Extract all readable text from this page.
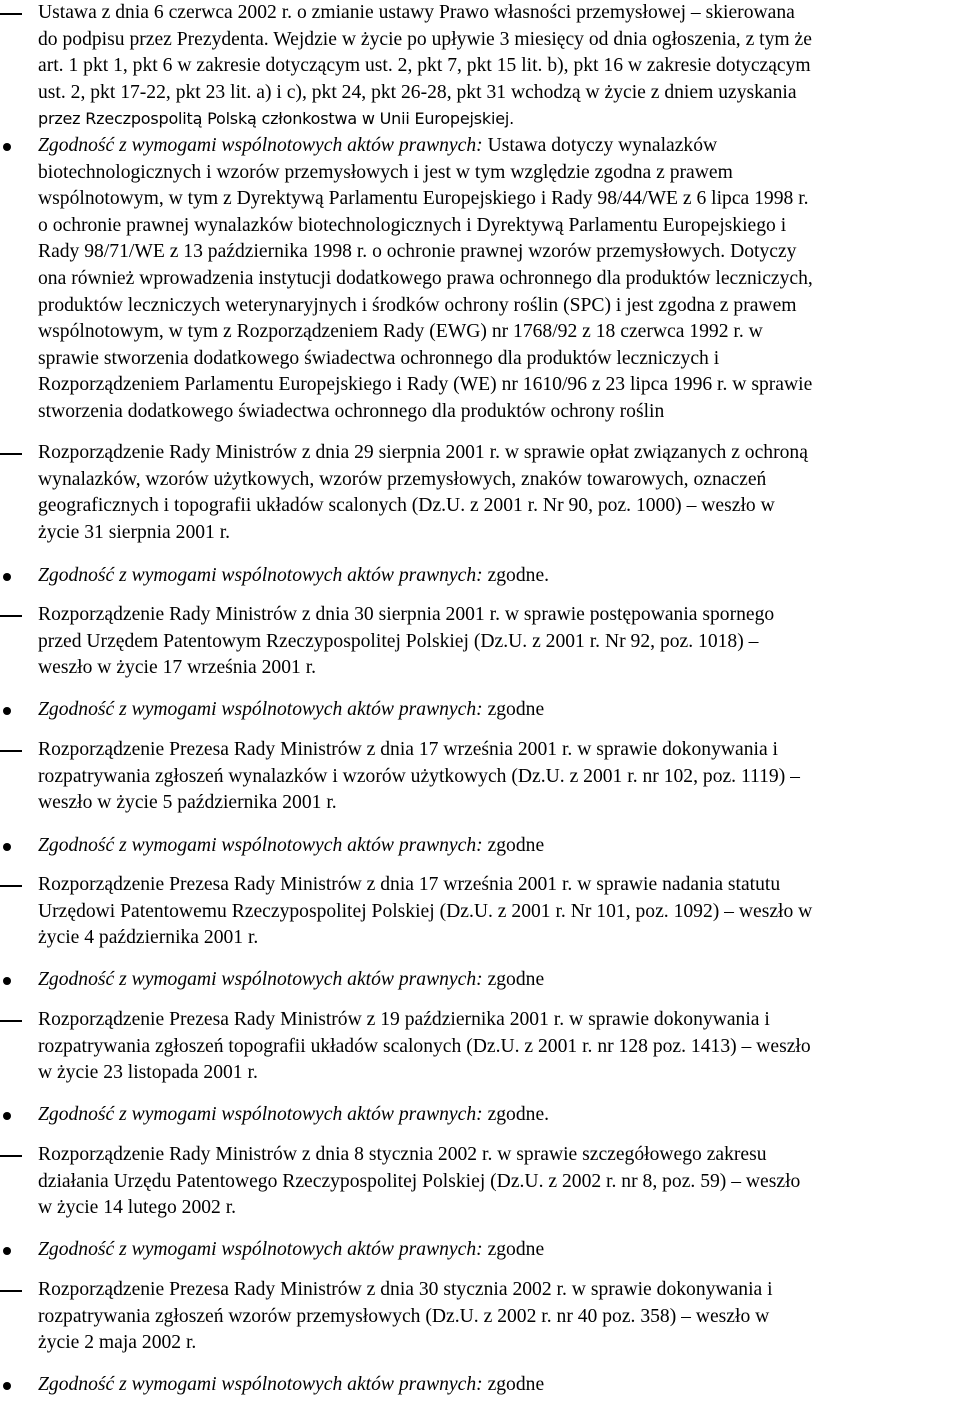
Ustawa z dnia 6 czerwca 2002 r. o zmianie ustawy Prawo własności przemysłowej – skierowana
do podpisu przez Prezydenta. Wejdzie w życie po upływie 3 miesięcy od dnia ogłoszenia, z tym że
art. 1 pkt 1, pkt 6 w zakresie dotyczącym ust. 2, pkt 7, pkt 15 lit. b), pkt 16 w zakresie dotyczącym
ust. 2, pkt 17-22, pkt 23 lit. a) i c), pkt 24, pkt 26-28, pkt 31 wchodzą w życie z dniem uzyskania
przez Rzeczpospolitą Polską członkostwa w Unii Europejskiej.
Zgodność z wymogami wspólnotowych aktów prawnych: Ustawa dotyczy wynalazków
biotechnologicznych i wzorów przemysłowych i jest w tym względzie zgodna z prawem
wspólnotowym, w tym z Dyrektywą Parlamentu Europejskiego i Rady 98/44/WE z 6 lipca 1998 r.
o ochronie prawnej wynalazków biotechnologicznych i Dyrektywą Parlamentu Europejskiego i
Rady 98/71/WE z 13 października 1998 r. o ochronie prawnej wzorów przemysłowych. Dotyczy
ona również wprowadzenia instytucji dodatkowego prawa ochronnego dla produktów leczniczych,
produktów leczniczych weterynaryjnych i środków ochrony roślin (SPC) i jest zgodna z prawem
wspólnotowym, w tym z Rozporządzeniem Rady (EWG) nr 1768/92 z 18 czerwca 1992 r. w
sprawie stworzenia dodatkowego świadectwa ochronnego dla produktów leczniczych i
Rozporządzeniem Parlamentu Europejskiego i Rady (WE) nr 1610/96 z 23 lipca 1996 r. w sprawie
stworzenia dodatkowego świadectwa ochronnego dla produktów ochrony roślin
Rozporządzenie Rady Ministrów z dnia 29 sierpnia 2001 r. w sprawie opłat związanych z ochroną
wynalazków, wzorów użytkowych, wzorów przemysłowych, znaków towarowych, oznaczeń
geograficznych i topografii układów scalonych (Dz.U. z 2001 r. Nr 90, poz. 1000) – weszło w
życie 31 sierpnia 2001 r.
Zgodność z wymogami wspólnotowych aktów prawnych: zgodne.
Rozporządzenie Rady Ministrów z dnia 30 sierpnia 2001 r. w sprawie postępowania spornego
przed Urzędem Patentowym Rzeczypospolitej Polskiej (Dz.U. z 2001 r. Nr 92, poz. 1018) –
weszło w życie 17 września 2001 r.
Zgodność z wymogami wspólnotowych aktów prawnych: zgodne
Rozporządzenie Prezesa Rady Ministrów z dnia 17 września 2001 r. w sprawie dokonywania i
rozpatrywania zgłoszeń wynalazków i wzorów użytkowych (Dz.U. z 2001 r. nr 102, poz. 1119) –
weszło w życie 5 października 2001 r.
Zgodność z wymogami wspólnotowych aktów prawnych: zgodne
Rozporządzenie Prezesa Rady Ministrów z dnia 17 września 2001 r. w sprawie nadania statutu
Urzędowi Patentowemu Rzeczypospolitej Polskiej (Dz.U. z 2001 r. Nr 101, poz. 1092) – weszło w
życie 4 października 2001 r.
Zgodność z wymogami wspólnotowych aktów prawnych: zgodne
Rozporządzenie Prezesa Rady Ministrów z 19 października 2001 r. w sprawie dokonywania i
rozpatrywania zgłoszeń topografii układów scalonych (Dz.U. z 2001 r. nr 128 poz. 1413) – weszło
w życie 23 listopada 2001 r.
Zgodność z wymogami wspólnotowych aktów prawnych: zgodne.
Rozporządzenie Rady Ministrów z dnia 8 stycznia 2002 r. w sprawie szczegółowego zakresu
działania Urzędu Patentowego Rzeczypospolitej Polskiej (Dz.U. z 2002 r. nr 8, poz. 59) – weszło
w życie 14 lutego 2002 r.
Zgodność z wymogami wspólnotowych aktów prawnych: zgodne
Rozporządzenie Prezesa Rady Ministrów z dnia 30 stycznia 2002 r. w sprawie dokonywania i
rozpatrywania zgłoszeń wzorów przemysłowych (Dz.U. z 2002 r. nr 40 poz. 358) – weszło w
życie 2 maja 2002 r.
Zgodność z wymogami wspólnotowych aktów prawnych: zgodne
